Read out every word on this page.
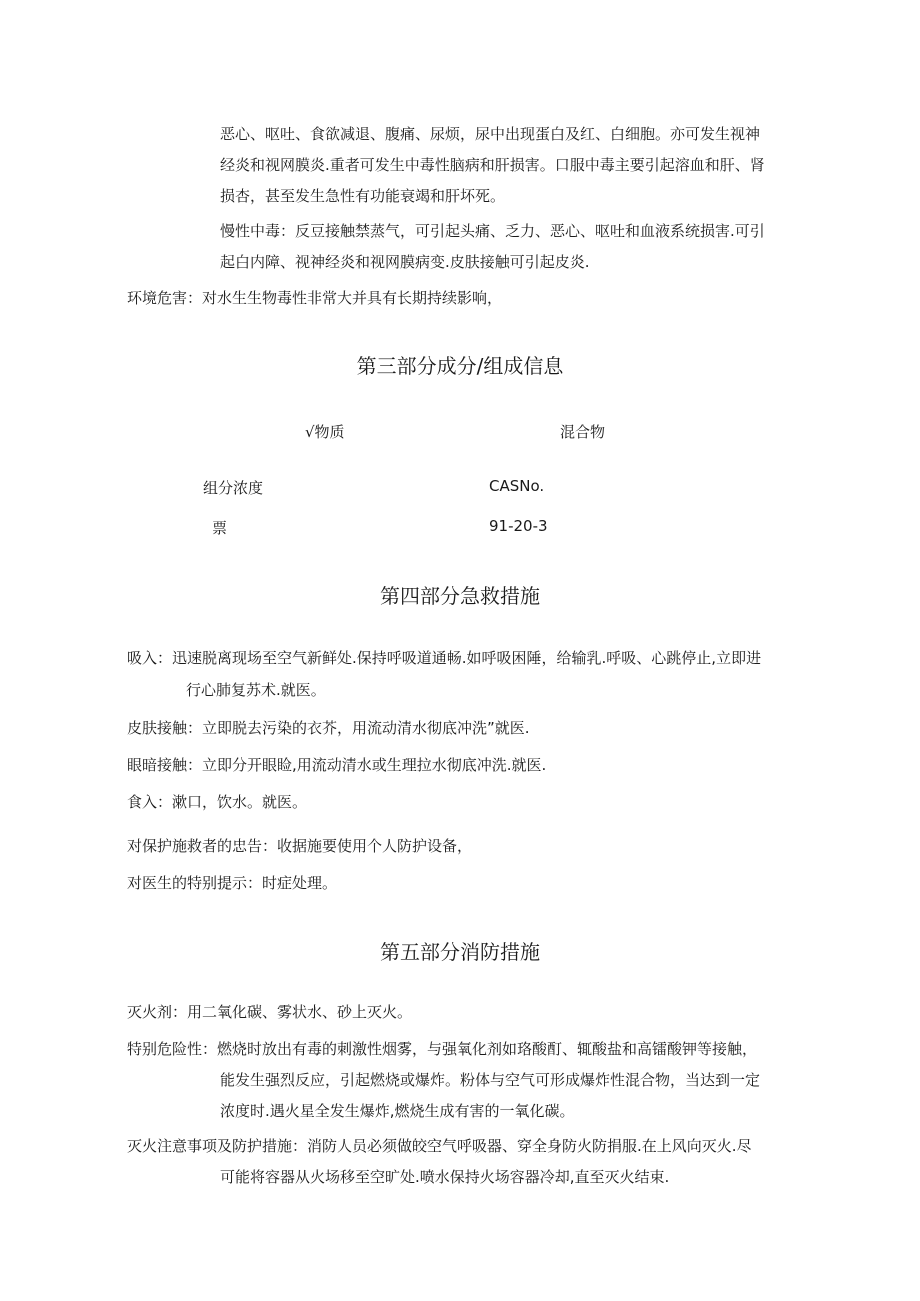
恶心、呕吐、食欲减退、腹痛、尿烦，尿中出现蛋白及红、白细胞。亦可发生视神
经炎和视网膜炎.重者可发生中毒性脑病和肝损害。口服中毒主要引起溶血和肝、肾
损杏，甚至发生急性有功能衰竭和肝坏死。
慢性中毒：反豆接触禁蒸气，可引起头痛、乏力、恶心、呕吐和血液系统损害.可引
起白内障、视神经炎和视网膜病变.皮肤接触可引起皮炎.
环境危害：对水生生物毒性非常大并具有长期持续影响，
第三部分成分/组成信息
√物质	混合物
组分浓度	CASNo.
票	91-20-3
第四部分急救措施
吸入：迅速脱离现场至空气新鲜处.保持呼吸道通畅.如呼吸困陲，给输乳.呼吸、心跳停止,立即进
行心肺复苏术.就医。
皮肤接触：立即脱去污染的衣芥，用流动清水彻底冲洗”就医.
眼暗接触：立即分开眼睑,用流动清水或生理拉水彻底冲洗.就医.
食入：漱口，饮水。就医。
对保护施救者的忠告：收据施要使用个人防护设备，
对医生的特别提示：时症处理。
第五部分消防措施
灭火剂：用二氧化碳、雾状水、砂上灭火。
特别危险性：燃烧时放出有毒的刺激性烟雾，与强氧化剂如珞酸酊、辄酸盐和高镭酸钾等接触，
能发生强烈反应，引起燃烧或爆炸。粉体与空气可形成爆炸性混合物，当达到一定
浓度时.遇火星全发生爆炸,燃烧生成有害的一氧化碳。
灭火注意事项及防护措施：消防人员必须做皎空气呼吸器、穿全身防火防捐服.在上风向灭火.尽
可能将容器从火场移至空旷处.喷水保持火场容器冷却,直至灭火结束.
